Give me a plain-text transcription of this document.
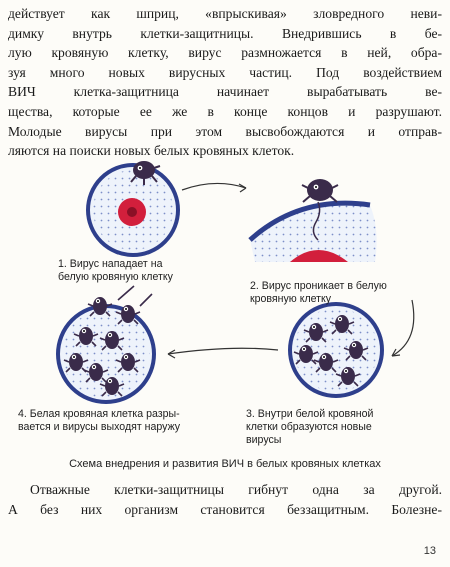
действует как шприц, «впрыскивая» зловредного неви-
димку внутрь клетки-защитницы. Внедрившись в бе-
лую кровяную клетку, вирус размножается в ней, обра-
зуя много новых вирусных частиц. Под воздействием
ВИЧ клетка-защитница начинает вырабатывать ве-
щества, которые ее же в конце концов и разрушают.
Молодые вирусы при этом высвобождаются и отправ-
ляются на поиски новых белых кровяных клеток.

1. Вирус нападает на
белую кровяную клетку
2. Вирус проникает в белую
кровяную клетку
3. Внутри белой кровяной
клетки образуются новые
вирусы
4. Белая кровяная клетка разры-
вается и вирусы выходят наружу
Схема внедрения и развития ВИЧ в белых кровяных клетках

Отважные клетки-защитницы гибнут одна за другой.
А без них организм становится беззащитным. Болезне-

13
